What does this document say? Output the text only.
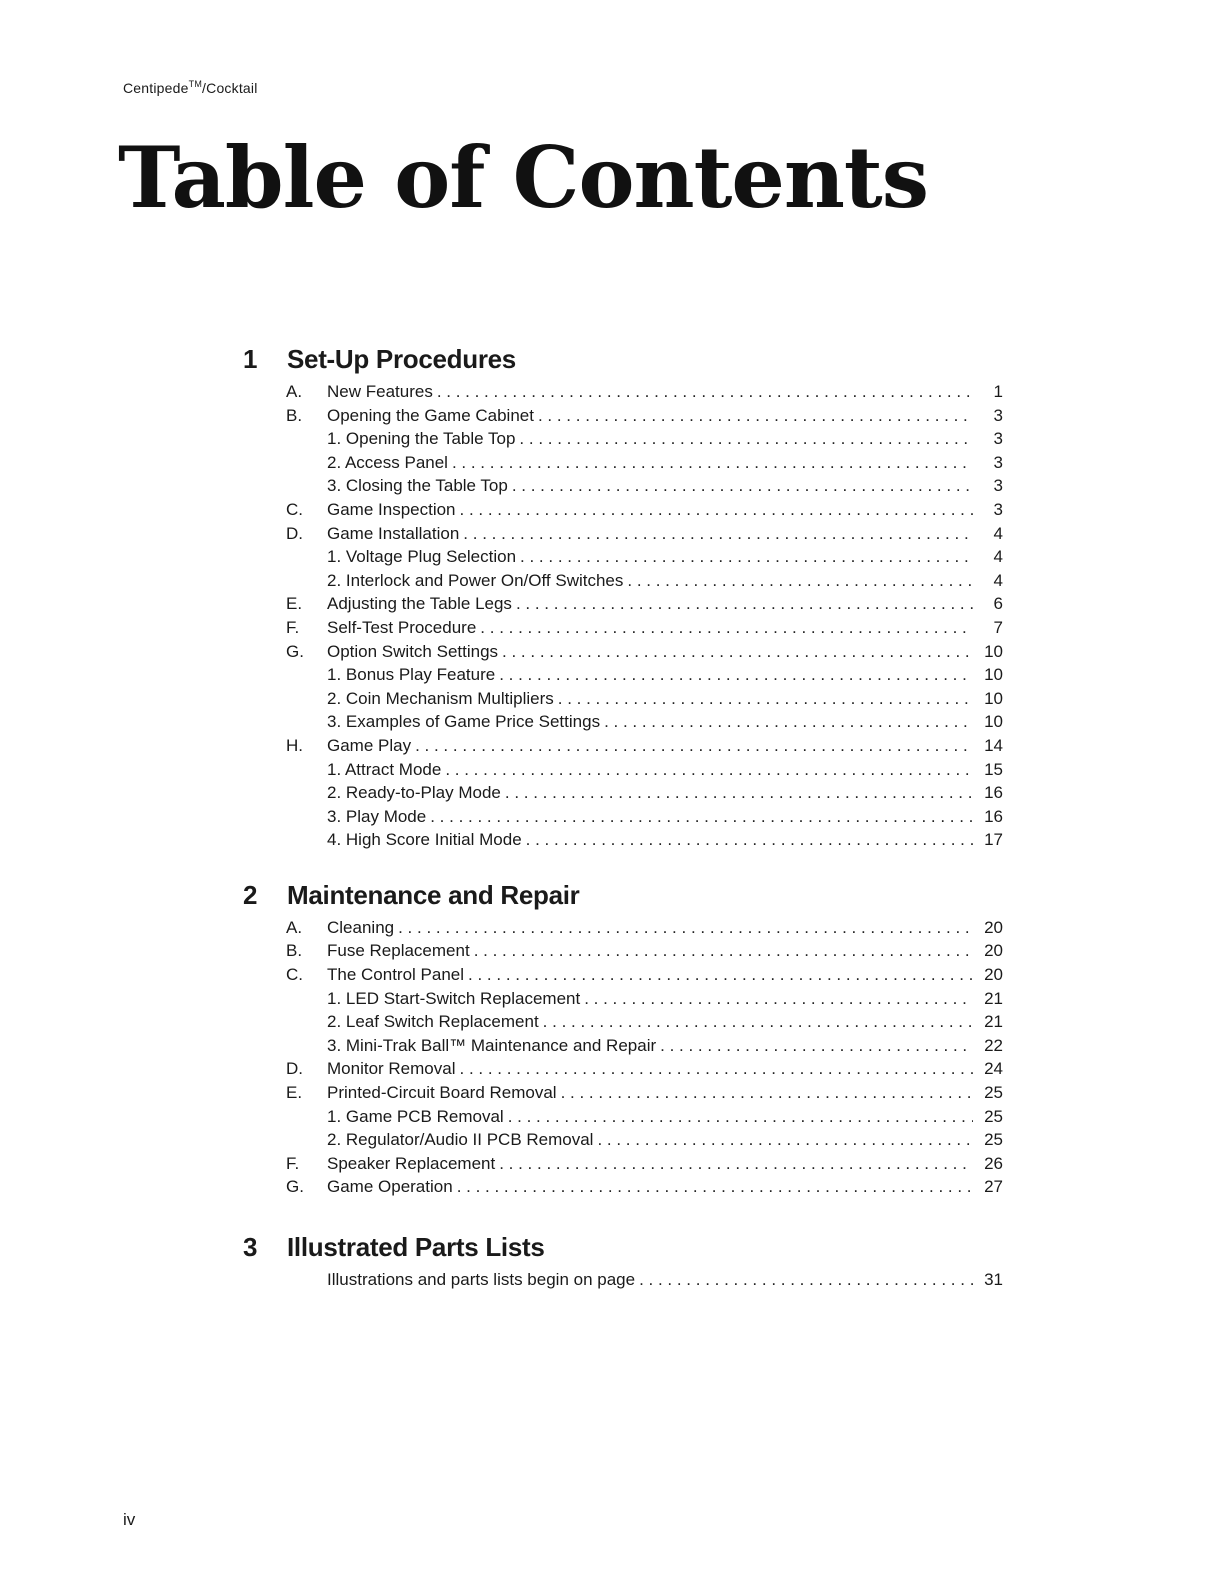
Centipede™/Cocktail
Table of Contents
1	Set-Up Procedures
A.	New Features . . .	1
B.	Opening the Game Cabinet . . .	3
1. Opening the Table Top . . .	3
2. Access Panel . . .	3
3. Closing the Table Top . . .	3
C.	Game Inspection . . .	3
D.	Game Installation . . .	4
1. Voltage Plug Selection . . .	4
2. Interlock and Power On/Off Switches . . .	4
E.	Adjusting the Table Legs . . .	6
F.	Self-Test Procedure . . .	7
G.	Option Switch Settings . . .	10
1. Bonus Play Feature . . .	10
2. Coin Mechanism Multipliers . . .	10
3. Examples of Game Price Settings . . .	10
H.	Game Play . . .	14
1. Attract Mode . . .	15
2. Ready-to-Play Mode . . .	16
3. Play Mode . . .	16
4. High Score Initial Mode . . .	17
2	Maintenance and Repair
A.	Cleaning . . .	20
B.	Fuse Replacement . . .	20
C.	The Control Panel . . .	20
1. LED Start-Switch Replacement . . .	21
2. Leaf Switch Replacement . . .	21
3. Mini-Trak Ball™ Maintenance and Repair . . .	22
D.	Monitor Removal . . .	24
E.	Printed-Circuit Board Removal . . .	25
1. Game PCB Removal . . .	25
2. Regulator/Audio II PCB Removal . . .	25
F.	Speaker Replacement . . .	26
G.	Game Operation . . .	27
3	Illustrated Parts Lists
Illustrations and parts lists begin on page . . .	31
iv
